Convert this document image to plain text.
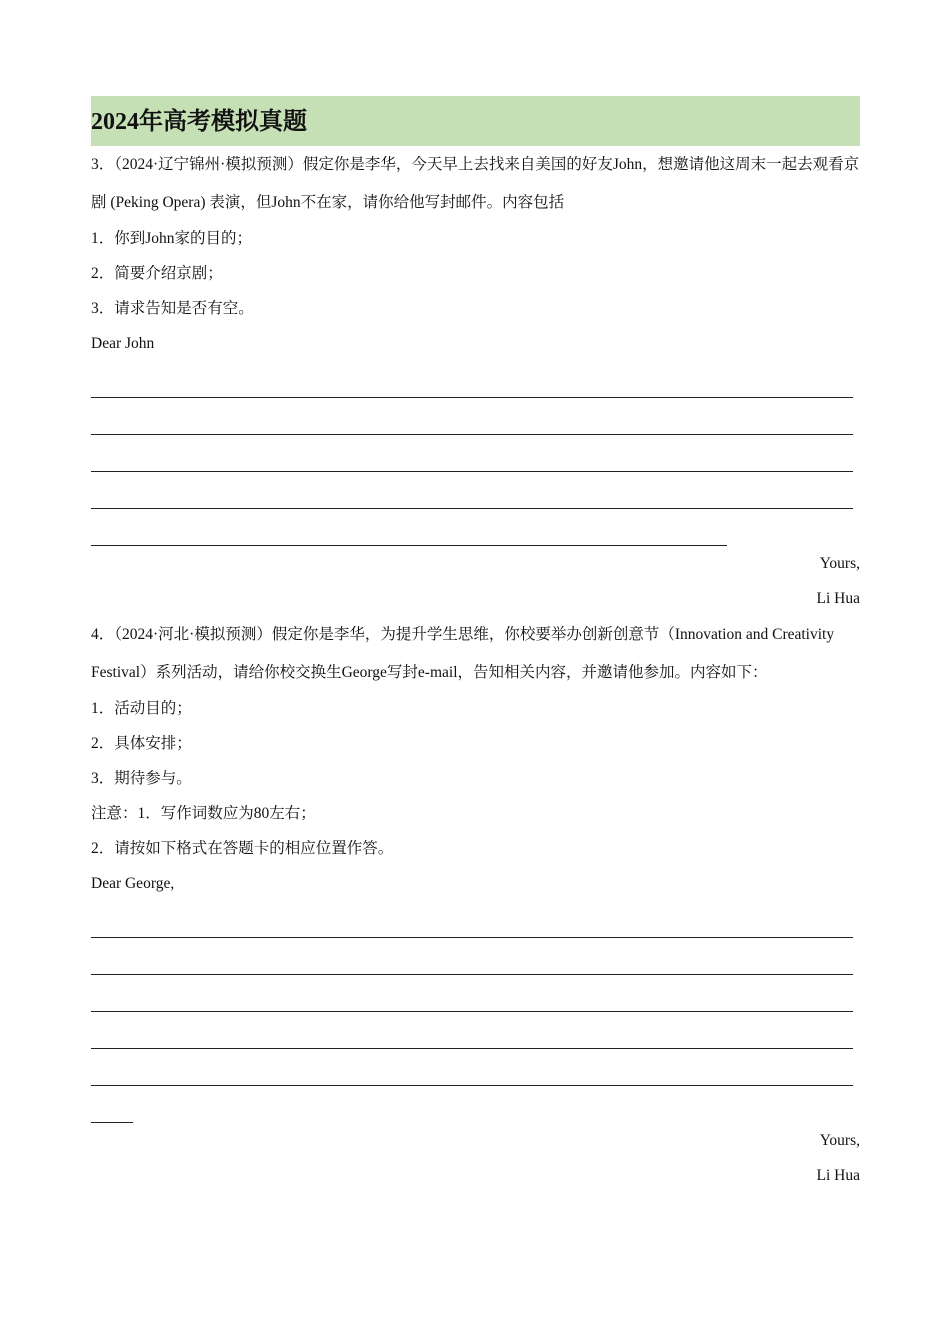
2024年高考模拟真题

3．（2024·辽宁锦州·模拟预测）假定你是李华，今天早上去找来自美国的好友John，想邀请他这周末一起去观看京剧 (Peking Opera) 表演，但John不在家，请你给他写封邮件。内容包括

1．你到John家的目的；

2．简要介绍京剧；

3．请求告知是否有空。

Dear John

Yours,

Li Hua

4．（2024·河北·模拟预测）假定你是李华，为提升学生思维，你校要举办创新创意节（Innovation and Creativity Festival）系列活动，请给你校交换生George写封e-mail，告知相关内容，并邀请他参加。内容如下：

1．活动目的；

2．具体安排；

3．期待参与。

注意：1．写作词数应为80左右；

2．请按如下格式在答题卡的相应位置作答。

Dear George,

Yours,

Li Hua
